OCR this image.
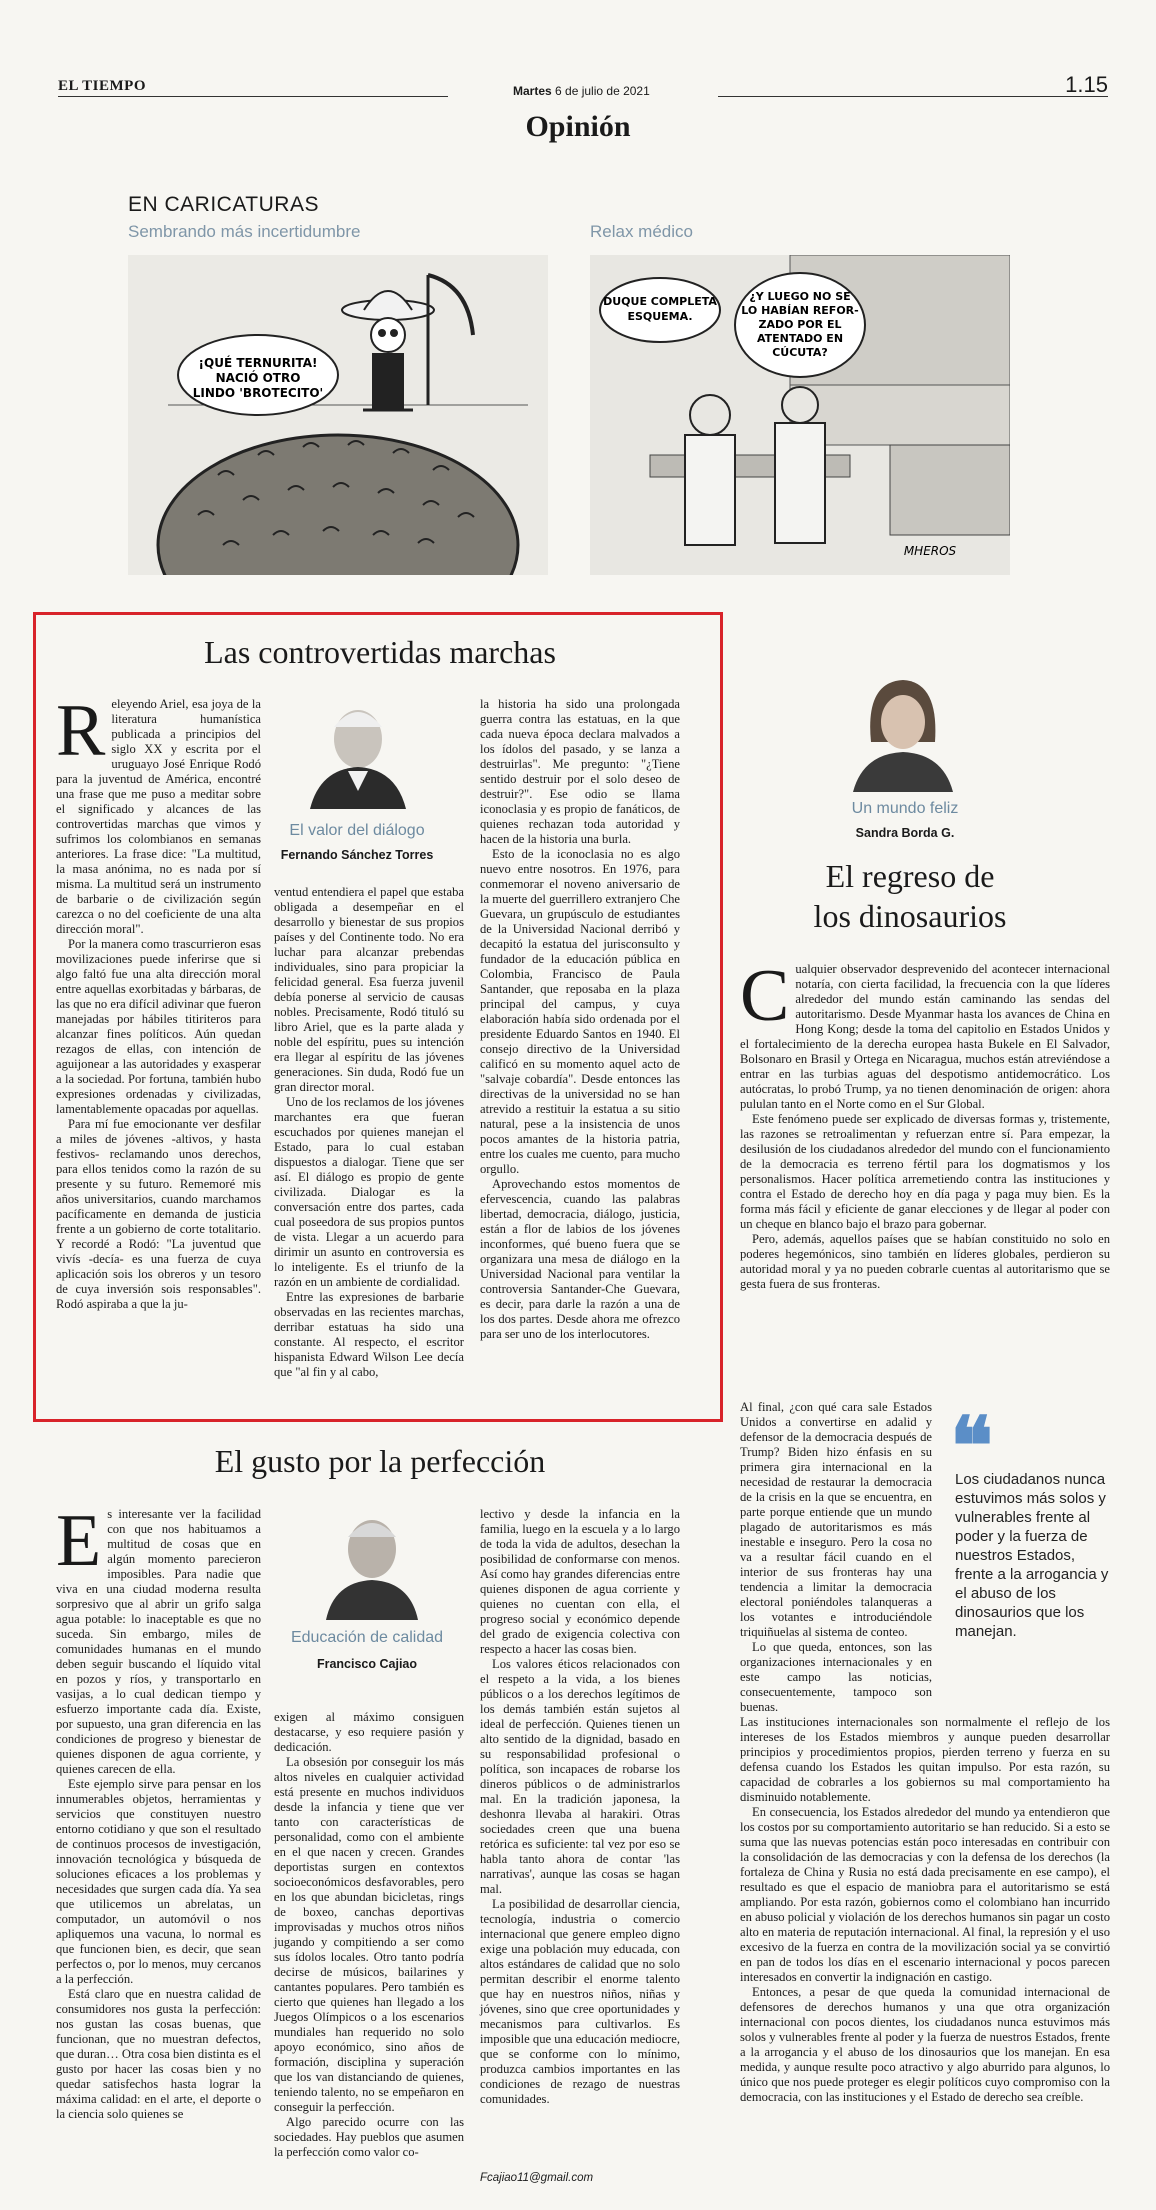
EL TIEMPO	Martes 6 de julio de 2021	1.15
Opinión
EN CARICATURAS
Sembrando más incertidumbre	Relax médico
¡QUÉ TERNURITA!
NACIÓ OTRO
LINDO 'BROTECITO'
DUQUE COMPLETA
ESQUEMA.
¿Y LUEGO NO SE
LO HABÍAN REFOR-
ZADO POR EL
ATENTADO EN
CÚCUTA?
MHEROS
Las controvertidas marchas

Releyendo Ariel, esa joya de la literatura humanística publicada a principios del siglo XX y escrita por el uruguayo José Enrique Rodó para la juventud de América, encontré una frase que me puso a meditar sobre el significado y alcances de las controvertidas marchas que vimos y sufrimos los colombianos en semanas anteriores. La frase dice: "La multitud, la masa anónima, no es nada por sí misma. La multitud será un instrumento de barbarie o de civilización según carezca o no del coeficiente de una alta dirección moral".

Por la manera como trascurrieron esas movilizaciones puede inferirse que si algo faltó fue una alta dirección moral entre aquellas exorbitadas y bárbaras, de las que no era difícil adivinar que fueron manejadas por hábiles titiriteros para alcanzar fines políticos. Aún quedan rezagos de ellas, con intención de aguijonear a las autoridades y exasperar a la sociedad. Por fortuna, también hubo expresiones ordenadas y civilizadas, lamentablemente opacadas por aquellas.

Para mí fue emocionante ver desfilar a miles de jóvenes -altivos, y hasta festivos- reclamando unos derechos, para ellos tenidos como la razón de su presente y su futuro. Rememoré mis años universitarios, cuando marchamos pacíficamente en demanda de justicia frente a un gobierno de corte totalitario. Y recordé a Rodó: "La juventud que vivís -decía- es una fuerza de cuya aplicación sois los obreros y un tesoro de cuya inversión sois responsables". Rodó aspiraba a que la ju-

El valor del diálogo
Fernando Sánchez Torres

ventud entendiera el papel que estaba obligada a desempeñar en el desarrollo y bienestar de sus propios países y del Continente todo. No era luchar para alcanzar prebendas individuales, sino para propiciar la felicidad general. Esa fuerza juvenil debía ponerse al servicio de causas nobles. Precisamente, Rodó tituló su libro Ariel, que es la parte alada y noble del espíritu, pues su intención era llegar al espíritu de las jóvenes generaciones. Sin duda, Rodó fue un gran director moral.

Uno de los reclamos de los jóvenes marchantes era que fueran escuchados por quienes manejan el Estado, para lo cual estaban dispuestos a dialogar. Tiene que ser así. El diálogo es propio de gente civilizada. Dialogar es la conversación entre dos partes, cada cual poseedora de sus propios puntos de vista. Llegar a un acuerdo para dirimir un asunto en controversia es lo inteligente. Es el triunfo de la razón en un ambiente de cordialidad.

Entre las expresiones de barbarie observadas en las recientes marchas, derribar estatuas ha sido una constante. Al respecto, el escritor hispanista Edward Wilson Lee decía que "al fin y al cabo,

la historia ha sido una prolongada guerra contra las estatuas, en la que cada nueva época declara malvados a los ídolos del pasado, y se lanza a destruirlas". Me pregunto: "¿Tiene sentido destruir por el solo deseo de destruir?". Ese odio se llama iconoclasia y es propio de fanáticos, de quienes rechazan toda autoridad y hacen de la historia una burla.

Esto de la iconoclasia no es algo nuevo entre nosotros. En 1976, para conmemorar el noveno aniversario de la muerte del guerrillero extranjero Che Guevara, un grupúsculo de estudiantes de la Universidad Nacional derribó y decapitó la estatua del jurisconsulto y fundador de la educación pública en Colombia, Francisco de Paula Santander, que reposaba en la plaza principal del campus, y cuya elaboración había sido ordenada por el presidente Eduardo Santos en 1940. El consejo directivo de la Universidad calificó en su momento aquel acto de "salvaje cobardía". Desde entonces las directivas de la universidad no se han atrevido a restituir la estatua a su sitio natural, pese a la insistencia de unos pocos amantes de la historia patria, entre los cuales me cuento, para mucho orgullo.

Aprovechando estos momentos de efervescencia, cuando las palabras libertad, democracia, diálogo, justicia, están a flor de labios de los jóvenes inconformes, qué bueno fuera que se organizara una mesa de diálogo en la Universidad Nacional para ventilar la controversia Santander-Che Guevara, es decir, para darle la razón a una de los dos partes. Desde ahora me ofrezco para ser uno de los interlocutores.

El gusto por la perfección

Es interesante ver la facilidad con que nos habituamos a multitud de cosas que en algún momento parecieron imposibles. Para nadie que viva en una ciudad moderna resulta sorpresivo que al abrir un grifo salga agua potable: lo inaceptable es que no suceda. Sin embargo, miles de comunidades humanas en el mundo deben seguir buscando el líquido vital en pozos y ríos, y transportarlo en vasijas, a lo cual dedican tiempo y esfuerzo importante cada día. Existe, por supuesto, una gran diferencia en las condiciones de progreso y bienestar de quienes disponen de agua corriente, y quienes carecen de ella.

Este ejemplo sirve para pensar en los innumerables objetos, herramientas y servicios que constituyen nuestro entorno cotidiano y que son el resultado de continuos procesos de investigación, innovación tecnológica y búsqueda de soluciones eficaces a los problemas y necesidades que surgen cada día. Ya sea que utilicemos un abrelatas, un computador, un automóvil o nos apliquemos una vacuna, lo normal es que funcionen bien, es decir, que sean perfectos o, por lo menos, muy cercanos a la perfección.

Está claro que en nuestra calidad de consumidores nos gusta la perfección: nos gustan las cosas buenas, que funcionan, que no muestran defectos, que duran… Otra cosa bien distinta es el gusto por hacer las cosas bien y no quedar satisfechos hasta lograr la máxima calidad: en el arte, el deporte o la ciencia solo quienes se

Educación de calidad
Francisco Cajiao

exigen al máximo consiguen destacarse, y eso requiere pasión y dedicación.

La obsesión por conseguir los más altos niveles en cualquier actividad está presente en muchos individuos desde la infancia y tiene que ver tanto con características de personalidad, como con el ambiente en el que nacen y crecen. Grandes deportistas surgen en contextos socioeconómicos desfavorables, pero en los que abundan bicicletas, rings de boxeo, canchas deportivas improvisadas y muchos otros niños jugando y compitiendo a ser como sus ídolos locales. Otro tanto podría decirse de músicos, bailarines y cantantes populares. Pero también es cierto que quienes han llegado a los Juegos Olímpicos o a los escenarios mundiales han requerido no solo apoyo económico, sino años de formación, disciplina y superación que los van distanciando de quienes, teniendo talento, no se empeñaron en conseguir la perfección.

Algo parecido ocurre con las sociedades. Hay pueblos que asumen la perfección como valor co-

lectivo y desde la infancia en la familia, luego en la escuela y a lo largo de toda la vida de adultos, desechan la posibilidad de conformarse con menos. Así como hay grandes diferencias entre quienes disponen de agua corriente y quienes no cuentan con ella, el progreso social y económico depende del grado de exigencia colectiva con respecto a hacer las cosas bien.

Los valores éticos relacionados con el respeto a la vida, a los bienes públicos o a los derechos legítimos de los demás también están sujetos al ideal de perfección. Quienes tienen un alto sentido de la dignidad, basado en su responsabilidad profesional o política, son incapaces de robarse los dineros públicos o de administrarlos mal. En la tradición japonesa, la deshonra llevaba al harakiri. Otras sociedades creen que una buena retórica es suficiente: tal vez por eso se habla tanto ahora de contar 'las narrativas', aunque las cosas se hagan mal.

La posibilidad de desarrollar ciencia, tecnología, industria o comercio internacional que genere empleo digno exige una población muy educada, con altos estándares de calidad que no solo permitan describir el enorme talento que hay en nuestros niños, niñas y jóvenes, sino que cree oportunidades y mecanismos para cultivarlos. Es imposible que una educación mediocre, que se conforme con lo mínimo, produzca cambios importantes en las condiciones de rezago de nuestras comunidades.

Fcajiao11@gmail.com
Un mundo feliz
Sandra Borda G.
El regreso de
los dinosaurios

Cualquier observador desprevenido del acontecer internacional notaría, con cierta facilidad, la frecuencia con la que líderes alrededor del mundo están caminando las sendas del autoritarismo. Desde Myanmar hasta los avances de China en Hong Kong; desde la toma del capitolio en Estados Unidos y el fortalecimiento de la derecha europea hasta Bukele en El Salvador, Bolsonaro en Brasil y Ortega en Nicaragua, muchos están atreviéndose a entrar en las turbias aguas del despotismo antidemocrático. Los autócratas, lo probó Trump, ya no tienen denominación de origen: ahora pululan tanto en el Norte como en el Sur Global.

Este fenómeno puede ser explicado de diversas formas y, tristemente, las razones se retroalimentan y refuerzan entre sí. Para empezar, la desilusión de los ciudadanos alrededor del mundo con el funcionamiento de la democracia es terreno fértil para los dogmatismos y los personalismos. Hacer política arremetiendo contra las instituciones y contra el Estado de derecho hoy en día paga y paga muy bien. Es la forma más fácil y eficiente de ganar elecciones y de llegar al poder con un cheque en blanco bajo el brazo para gobernar.

Pero, además, aquellos países que se habían constituido no solo en poderes hegemónicos, sino también en líderes globales, perdieron su autoridad moral y ya no pueden cobrarle cuentas al autoritarismo que se gesta fuera de sus fronteras.

Al final, ¿con qué cara sale Estados Unidos a convertirse en adalid y defensor de la democracia después de Trump? Biden hizo énfasis en su primera gira internacional en la necesidad de restaurar la democracia de la crisis en la que se encuentra, en parte porque entiende que un mundo plagado de autoritarismos es más inestable e inseguro. Pero la cosa no va a resultar fácil cuando en el interior de sus fronteras hay una tendencia a limitar la democracia electoral poniéndoles talanqueras a los votantes e introduciéndole triquiñuelas al sistema de conteo.

Lo que queda, entonces, son las organizaciones internacionales y en este campo las noticias, consecuentemente, tampoco son buenas.

❝
Los ciudadanos nunca estuvimos más solos y vulnerables frente al poder y la fuerza de nuestros Estados, frente a la arrogancia y el abuso de los dinosaurios que los manejan.

Las instituciones internacionales son normalmente el reflejo de los intereses de los Estados miembros y aunque pueden desarrollar principios y procedimientos propios, pierden terreno y fuerza en su defensa cuando los Estados les quitan impulso. Por esta razón, su capacidad de cobrarles a los gobiernos su mal comportamiento ha disminuido notablemente.

En consecuencia, los Estados alrededor del mundo ya entendieron que los costos por su comportamiento autoritario se han reducido. Si a esto se suma que las nuevas potencias están poco interesadas en contribuir con la consolidación de las democracias y con la defensa de los derechos (la fortaleza de China y Rusia no está dada precisamente en ese campo), el resultado es que el espacio de maniobra para el autoritarismo se está ampliando. Por esta razón, gobiernos como el colombiano han incurrido en abuso policial y violación de los derechos humanos sin pagar un costo alto en materia de reputación internacional. Al final, la represión y el uso excesivo de la fuerza en contra de la movilización social ya se convirtió en pan de todos los días en el escenario internacional y pocos parecen interesados en convertir la indignación en castigo.

Entonces, a pesar de que queda la comunidad internacional de defensores de derechos humanos y una que otra organización internacional con pocos dientes, los ciudadanos nunca estuvimos más solos y vulnerables frente al poder y la fuerza de nuestros Estados, frente a la arrogancia y el abuso de los dinosaurios que los manejan. En esa medida, y aunque resulte poco atractivo y algo aburrido para algunos, lo único que nos puede proteger es elegir políticos cuyo compromiso con la democracia, con las instituciones y el Estado de derecho sea creíble.
